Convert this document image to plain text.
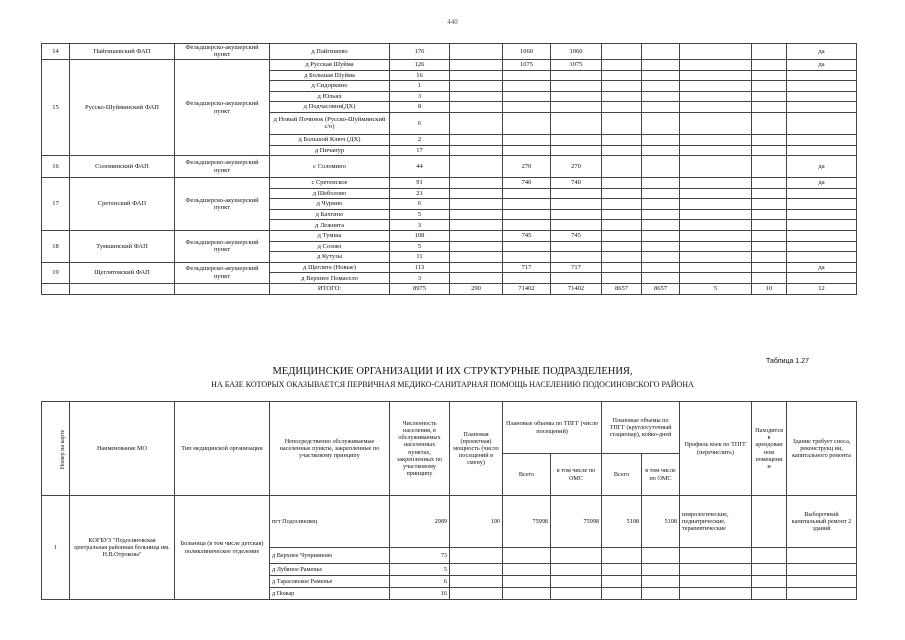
440
14	Пайгишевский ФАП	Фельдшерско-акушерский пункт	д Пайгишево	176		1060	1060					да	
15	Русско-Шуйминский ФАП	Фельдшерско-акушерский пункт	д Русская Шуйма	126		1075	1075					да	
			д Большая Шуйма	16									
			д Сидоркино	1									
			д Юльял	3									
			д Подчасовни(ДХ)	8									
			д Новый Починок (Русско-Шуйминский с/о)	6									
			д Большой Ключ (ДХ)	2									
			д Пичанур	17									
16	Соломинский ФАП	Фельдшерско-акушерский пункт	с Соломино	44		270	270					да	
17	Сретенский ФАП	Фельдшерско-акушерский пункт	с Сретенское	91		740	740					да	
			д Шеболово	21									
			д Чурино	6									
			д Бахтино	5									
			д Лежнята	3									
18	Тумшинский ФАП	Фельдшерско-акушерский пункт	д Тумша	108		745	745						
			д Созояз	5									
			д Кутузы	11									
19	Щеглятовский ФАП	Фельдшерско-акушерский пункт	д Щеглята (Новые)	113		717	717					да	
			д Верхнее Помасело	3									
			ИТОГО:	8975	290	71402	71402	8657	8657	5	10	12	
Таблица 1.27
МЕДИЦИНСКИЕ ОРГАНИЗАЦИИ И ИХ СТРУКТУРНЫЕ ПОДРАЗДЕЛЕНИЯ,
НА БАЗЕ КОТОРЫХ ОКАЗЫВАЕТСЯ ПЕРВИЧНАЯ МЕДИКО-САНИТАРНАЯ ПОМОЩЬ НАСЕЛЕНИЮ ПОДОСИНОВСКОГО РАЙОНА
Номер на карте	Наименование МО	Тип медицинской организации	Непосредственно обслуживаемые населенные пункты, закрепленные по участковому принципу	Численность населения, в обслуживаемых населенных пунктах, закрепленных по участковому принципу	Плановая (проектная) мощность (число посещений в смену)	Плановые объемы по ТПГГ (число посещений)		Плановые объемы по ТПГГ (круглосуточный стационар), койко-дней		Профиль коек по ТПГГ (перечислить)	Находится в арендован ном помещени и	Здание требует сноса, реконструкц ии, капитального ремонта
						Всего	в том числе по ОМС	Всего	в том числе по ОМС			
1	КОГБУЗ "Подосиновская центральная районная больница им. Н.В.Отрокова"	Больница (в том числе детская) поликлиническое отделение	пгт Подосиновец	2989	190	75998	75998	5108	5108	неврологические, педиатрические, терапевтические		Выборочный капитальный ремонт 2 зданий
			д Верхнее Чуприяново	73								
			д Лубяное Раменье	5								
			д Тарасовское Раменье	6								
			д Пожар	16								
